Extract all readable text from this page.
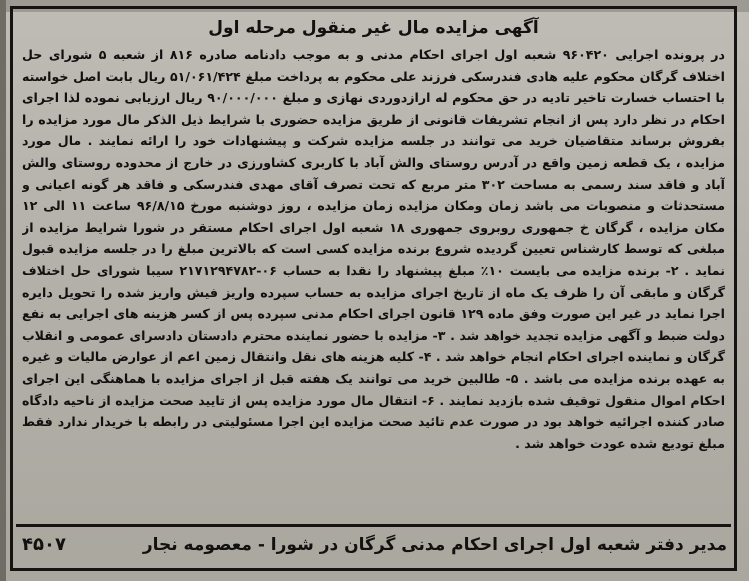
آگهی مزایده مال غیر منقول مرحله اول
در پرونده اجرایی ۹۶۰۴۲۰ شعبه اول اجرای احکام مدنی و به موجب دادنامه صادره ۸۱۶ از شعبه ۵ شورای حل اختلاف گرگان محکوم علیه هادی فندرسکی فرزند علی محکوم به پرداخت مبلغ ۵۱/۰۶۱/۴۲۴ ریال بابت اصل خواسته با احتساب خسارت تاخیر تادیه در حق محکوم له ارازدوردی نهازی و مبلغ ۹۰/۰۰۰/۰۰۰ ریال ارزیابی نموده لذا اجرای احکام در نظر دارد پس از انجام تشریفات قانونی از طریق مزایده حضوری با شرایط ذیل الذکر مال مورد مزایده را بفروش برساند متقاضیان خرید می توانند در جلسه مزایده شرکت و پیشنهادات خود را ارائه نمایند . مال مورد مزایده ، یک قطعه زمین واقع در آدرس روستای والش آباد با کاربری کشاورزی در خارج از محدوده روستای والش آباد و فاقد سند رسمی به مساحت ۳۰۲ متر مربع که تحت تصرف آقای مهدی فندرسکی و فاقد هر گونه اعیانی و مستحدثات و منصوبات می باشد زمان ومکان مزایده زمان مزایده ، روز دوشنبه مورخ ۹۶/۸/۱۵ ساعت ۱۱ الی ۱۲ مکان مزایده ، گرگان خ جمهوری روبروی جمهوری ۱۸ شعبه اول اجرای احکام مستقر در شورا شرایط مزایده از مبلغی که توسط کارشناس تعیین گردیده شروع برنده مزایده کسی است که بالاترین مبلغ را در جلسه مزایده قبول نماید . ۲- برنده مزایده می بایست ۱۰٪ مبلغ پیشنهاد را نقدا به حساب ۰۶-۲۱۷۱۲۹۴۷۸۲ سیبا شورای حل اختلاف گرگان و مابقی آن را ظرف یک ماه از تاریخ اجرای مزایده به حساب سپرده واریز فیش واریز شده را تحویل دایره اجرا نماید در غیر این صورت وفق ماده ۱۲۹ قانون اجرای احکام مدنی سپرده پس از کسر هزینه های اجرایی به نفع دولت ضبط و آگهی مزایده تجدید خواهد شد . ۳- مزایده با حضور نماینده محترم دادستان دادسرای عمومی و انقلاب گرگان و نماینده اجرای احکام انجام خواهد شد . ۴- کلیه هزینه های نقل وانتقال زمین اعم از عوارض مالیات و غیره به عهده برنده مزایده می باشد . ۵- طالبین خرید می توانند یک هفته قبل از اجرای مزایده با هماهنگی این اجرای احکام اموال منقول توقیف شده بازدید نمایند . ۶- انتقال مال مورد مزایده پس از تایید صحت مزایده از ناحیه دادگاه صادر کننده اجرائیه خواهد بود در صورت عدم تائید صحت مزایده این اجرا مسئولیتی در رابطه با خریدار ندارد فقط مبلغ تودیع شده عودت خواهد شد .
مدیر دفتر شعبه اول اجرای احکام مدنی گرگان در شورا - معصومه نجار
۴۵۰۷
